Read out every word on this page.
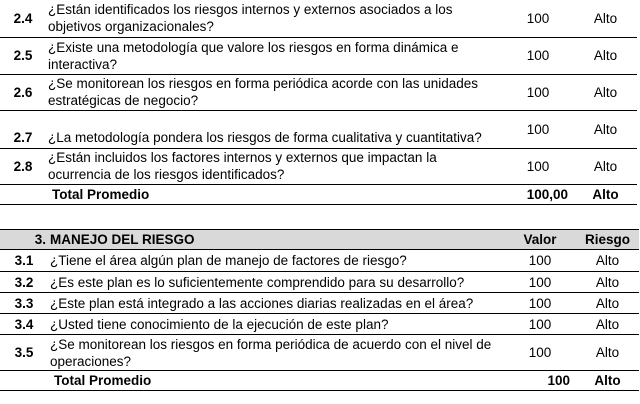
2.4	¿Están identificados los riesgos internos y externos asociados a los objetivos organizacionales?	100	Alto
2.5	¿Existe una metodología que valore los riesgos en forma dinámica e interactiva?	100	Alto
2.6	¿Se monitorean los riesgos en forma periódica acorde con las unidades estratégicas de negocio?	100	Alto
2.7	¿La metodología pondera los riesgos de forma cualitativa y cuantitativa?	100	Alto
2.8	¿Están incluidos los factores internos y externos que impactan la ocurrencia de los riesgos identificados?	100	Alto
	Total Promedio	100,00	Alto
3.	MANEJO DEL RIESGO	Valor	Riesgo
3.1	¿Tiene el área algún plan de manejo de factores de riesgo?	100	Alto
3.2	¿Es este plan es lo suficientemente comprendido para su desarrollo?	100	Alto
3.3	¿Este plan está integrado a las acciones diarias realizadas en el área?	100	Alto
3.4	¿Usted tiene conocimiento de la ejecución de este plan?	100	Alto
3.5	¿Se monitorean los riesgos en forma periódica de acuerdo con el nivel de operaciones?	100	Alto
	Total Promedio	100	Alto
